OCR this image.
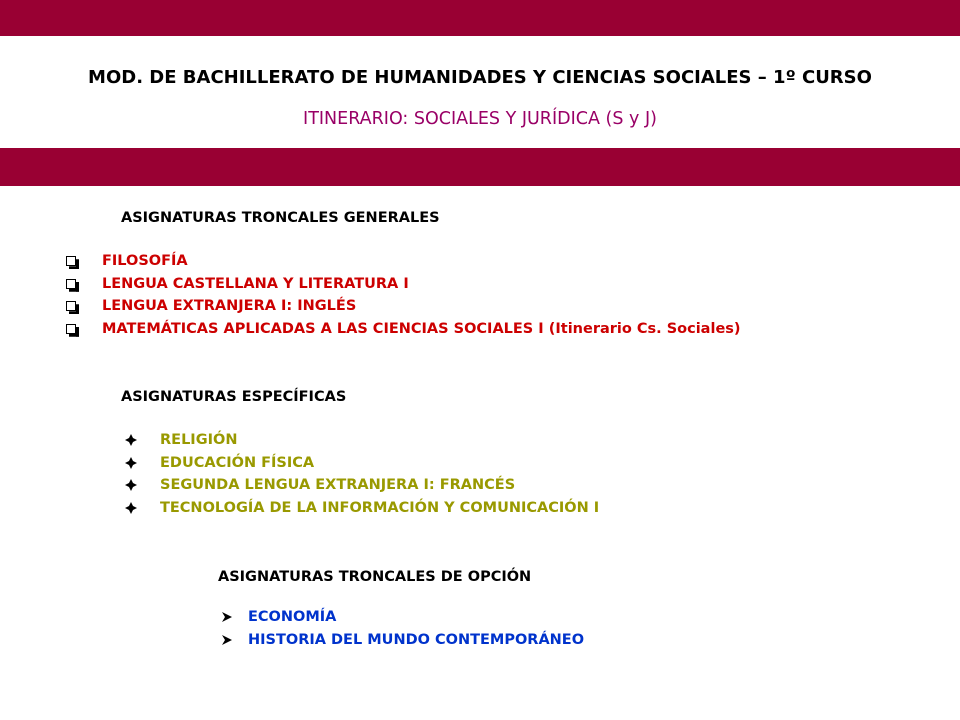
MOD. DE BACHILLERATO DE HUMANIDADES Y CIENCIAS SOCIALES – 1º CURSO
ITINERARIO: SOCIALES Y JURÍDICA (S y J)
ASIGNATURAS TRONCALES GENERALES
FILOSOFÍA
LENGUA CASTELLANA Y LITERATURA I
LENGUA EXTRANJERA I: INGLÉS
MATEMÁTICAS APLICADAS A LAS CIENCIAS SOCIALES I (Itinerario Cs. Sociales)
ASIGNATURAS ESPECÍFICAS
RELIGIÓN
EDUCACIÓN FÍSICA
SEGUNDA LENGUA EXTRANJERA I: FRANCÉS
TECNOLOGÍA DE LA INFORMACIÓN Y COMUNICACIÓN I
ASIGNATURAS TRONCALES DE OPCIÓN
ECONOMÍA
HISTORIA DEL MUNDO CONTEMPORÁNEO
